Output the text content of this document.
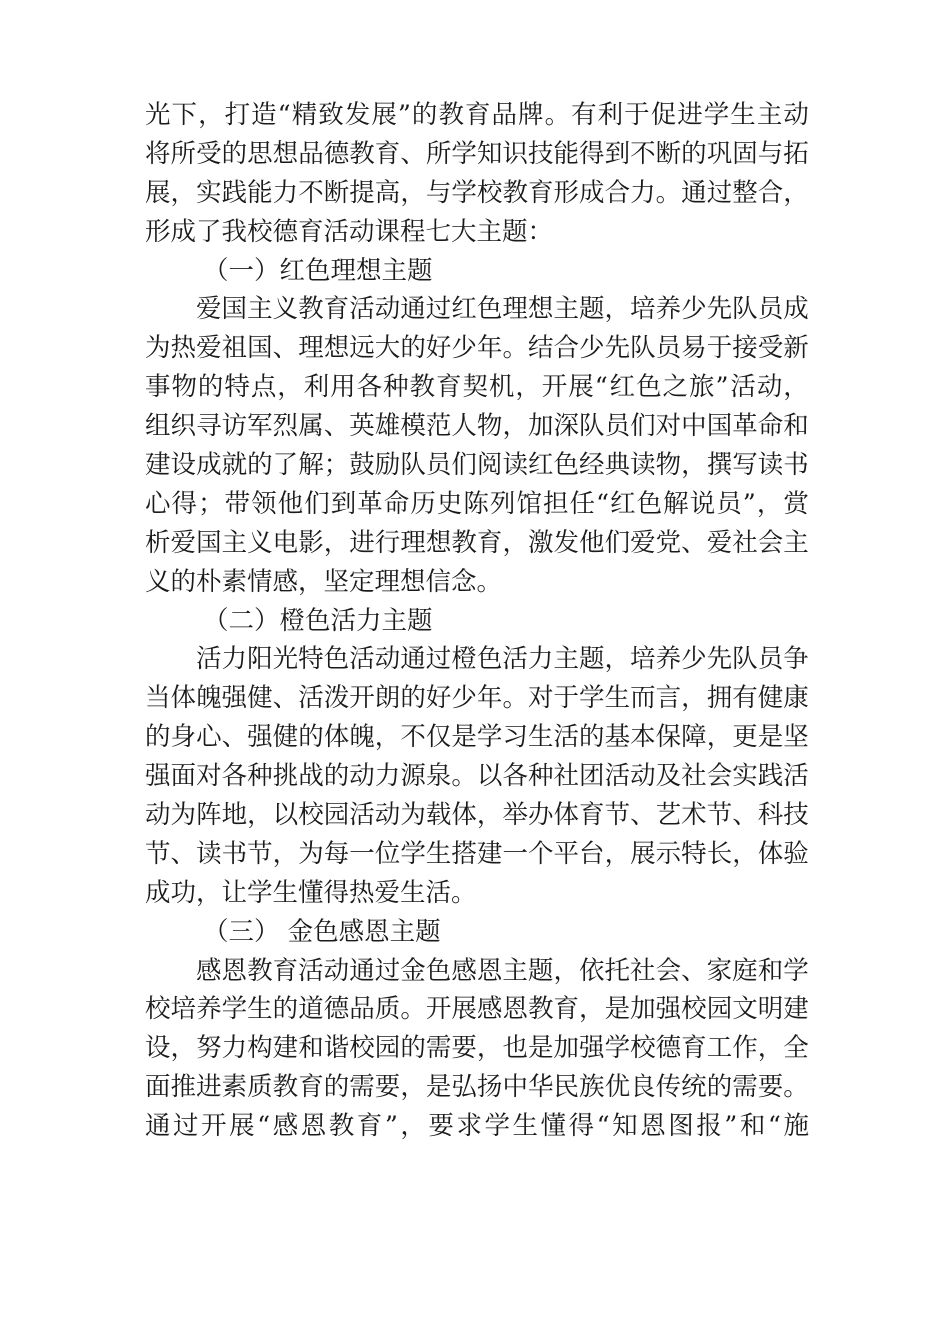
光 下 ， 打 造 “ 精 致 发 展 ” 的 教 育 品 牌 。 有 利 于 促 进 学 生 主 动
将 所 受 的 思 想 品 德 教 育 、 所 学 知 识 技 能 得 到 不 断 的 巩 固 与 拓
展 ， 实 践 能 力 不 断 提 高 ， 与 学 校 教 育 形 成 合 力 。 通 过 整 合 ，
形成了我校德育活动课程七大主题：
（一）红色理想主题
爱 国 主 义 教 育 活 动 通 过 红 色 理 想 主 题 ， 培 养 少 先 队 员 成
为 热 爱 祖 国 、 理 想 远 大 的 好 少 年 。 结 合 少 先 队 员 易 于 接 受 新
事 物 的 特 点 ， 利 用 各 种 教 育 契 机 ， 开 展 “ 红 色 之 旅 ” 活 动 ，
组 织 寻 访 军 烈 属 、 英 雄 模 范 人 物 ， 加 深 队 员 们 对 中 国 革 命 和
建 设 成 就 的 了 解 ； 鼓 励 队 员 们 阅 读 红 色 经 典 读 物 ， 撰 写 读 书
心 得 ； 带 领 他 们 到 革 命 历 史 陈 列 馆 担 任 “ 红 色 解 说 员 ” ， 赏
析 爱 国 主 义 电 影 ， 进 行 理 想 教 育 ， 激 发 他 们 爱 党 、 爱 社 会 主
义的朴素情感，坚定理想信念。
（二）橙色活力主题
活 力 阳 光 特 色 活 动 通 过 橙 色 活 力 主 题 ， 培 养 少 先 队 员 争
当 体 魄 强 健 、 活 泼 开 朗 的 好 少 年 。 对 于 学 生 而 言 ， 拥 有 健 康
的 身 心 、 强 健 的 体 魄 ， 不 仅 是 学 习 生 活 的 基 本 保 障 ， 更 是 坚
强 面 对 各 种 挑 战 的 动 力 源 泉 。 以 各 种 社 团 活 动 及 社 会 实 践 活
动 为 阵 地 ， 以 校 园 活 动 为 载 体 ， 举 办 体 育 节 、 艺 术 节 、 科 技
节 、 读 书 节 ， 为 每 一 位 学 生 搭 建 一 个 平 台 ， 展 示 特 长 ， 体 验
成功，让学生懂得热爱生活。
（三） 金色感恩主题
感 恩 教 育 活 动 通 过 金 色 感 恩 主 题 ， 依 托 社 会 、 家 庭 和 学
校 培 养 学 生 的 道 德 品 质 。 开 展 感 恩 教 育 ， 是 加 强 校 园 文 明 建
设 ， 努 力 构 建 和 谐 校 园 的 需 要 ， 也 是 加 强 学 校 德 育 工 作 ， 全
面 推 进 素 质 教 育 的 需 要 ， 是 弘 扬 中 华 民 族 优 良 传 统 的 需 要 。
通 过 开 展 “ 感 恩 教 育 ” ， 要 求 学 生 懂 得 “ 知 恩 图 报 ” 和 “ 施
